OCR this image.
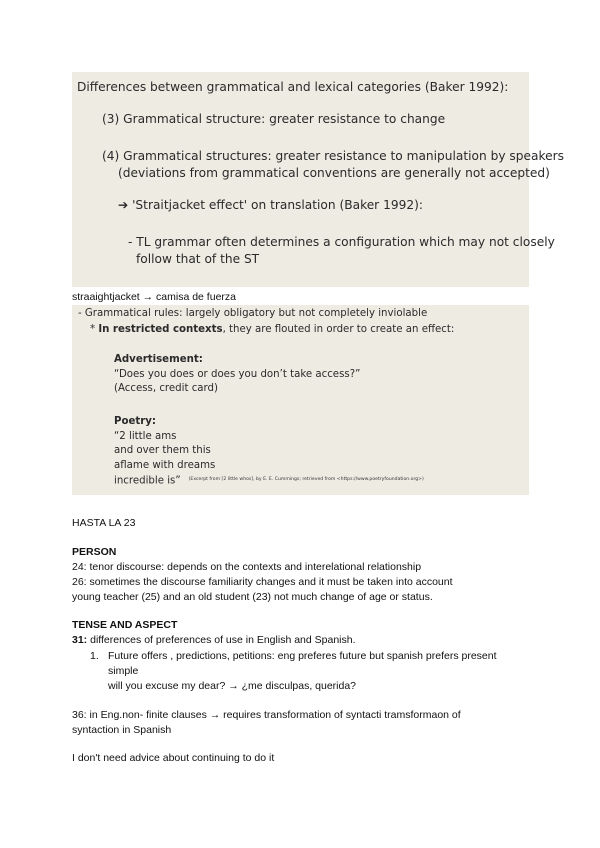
Differences between grammatical and lexical categories (Baker 1992):
(3) Grammatical structure: greater resistance to change
(4) Grammatical structures: greater resistance to manipulation by speakers
(deviations from grammatical conventions are generally not accepted)
➔ 'Straitjacket effect' on translation (Baker 1992):
- TL grammar often determines a configuration which may not closely
follow that of the ST
straaightjacket → camisa de fuerza
- Grammatical rules: largely obligatory but not completely inviolable
* In restricted contexts, they are flouted in order to create an effect:
Advertisement:
“Does you does or does you don’t take access?”
(Access, credit card)
Poetry:
“2 little ams
and over them this
aflame with dreams
incredible is” (Excerpt from [2 little whos], by E. E. Cummings; retrieved from <https://www.poetryfoundation.org>)
HASTA LA 23
PERSON
24: tenor discourse: depends on the contexts and interelational relationship
26: sometimes the discourse familiarity changes and it must be taken into account
young teacher (25) and an old student (23) not much change of age or status.
TENSE AND ASPECT
31: differences of preferences of use in English and Spanish.
1. Future offers , predictions, petitions: eng preferes future but spanish prefers present
simple
will you excuse my dear? → ¿me disculpas, querida?
36: in Eng.non- finite clauses → requires transformation of syntacti tramsformaon of
syntaction in Spanish
I don't need advice about continuing to do it
